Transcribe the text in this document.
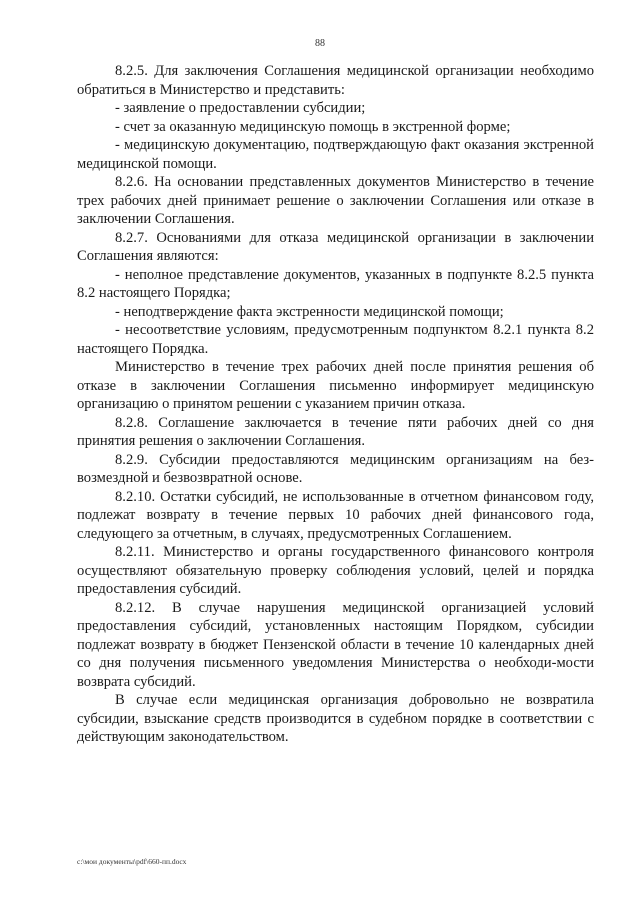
88

8.2.5. Для заключения Соглашения медицинской организации необходимо обратиться в Министерство и представить:

- заявление о предоставлении субсидии;

- счет за оказанную медицинскую помощь в экстренной форме;

- медицинскую документацию, подтверждающую факт оказания экстренной медицинской помощи.

8.2.6. На основании представленных документов Министерство в течение трех рабочих дней принимает решение о заключении Соглашения или отказе в заключении Соглашения.

8.2.7. Основаниями для отказа медицинской организации в заключении Соглашения являются:

- неполное представление документов, указанных в подпункте 8.2.5 пункта 8.2 настоящего Порядка;

- неподтверждение факта экстренности медицинской помощи;

- несоответствие условиям, предусмотренным подпунктом 8.2.1 пункта 8.2 настоящего Порядка.

Министерство в течение трех рабочих дней после принятия решения об отказе в заключении Соглашения письменно информирует медицинскую организацию о принятом решении с указанием причин отказа.

8.2.8. Соглашение заключается в течение пяти рабочих дней со дня принятия решения о заключении Соглашения.

8.2.9. Субсидии предоставляются медицинским организациям на без-возмездной и безвозвратной основе.

8.2.10. Остатки субсидий, не использованные в отчетном финансовом году, подлежат возврату в течение первых 10 рабочих дней финансового года, следующего за отчетным, в случаях, предусмотренных Соглашением.

8.2.11. Министерство и органы государственного финансового контроля осуществляют обязательную проверку соблюдения условий, целей и порядка предоставления субсидий.

8.2.12. В случае нарушения медицинской организацией условий предоставления субсидий, установленных настоящим Порядком, субсидии подлежат возврату в бюджет Пензенской области в течение 10 календарных дней со дня получения письменного уведомления Министерства о необходи-мости возврата субсидий.

В случае если медицинская организация добровольно не возвратила субсидии, взыскание средств производится в судебном порядке в соответствии с действующим законодательством.

c:\мои документы\pdf\660-пп.docx
